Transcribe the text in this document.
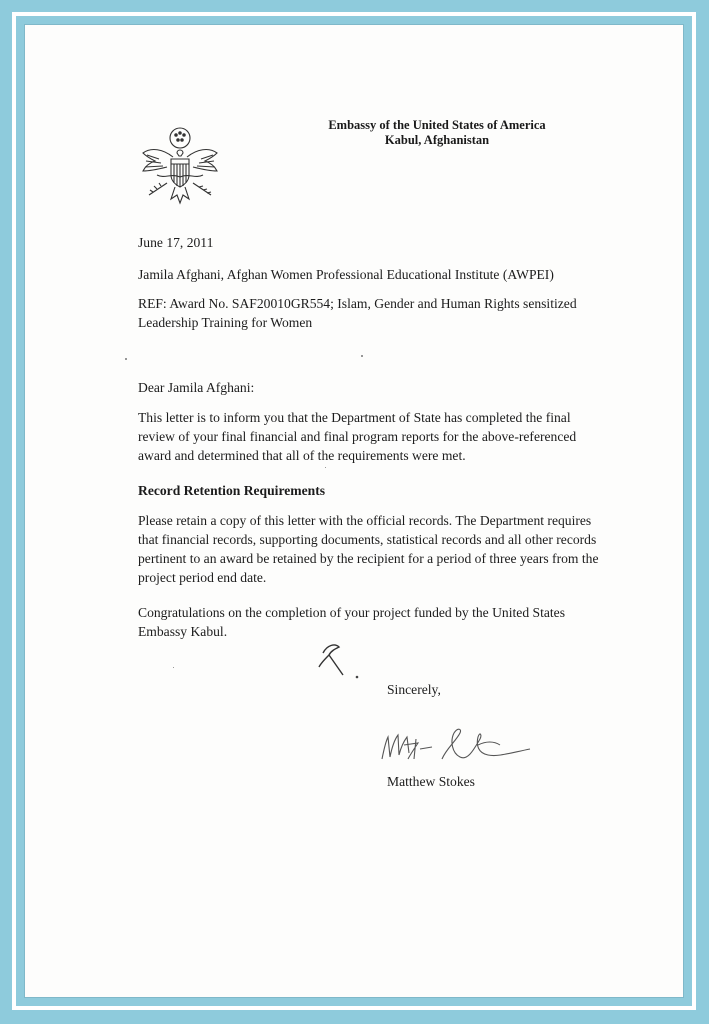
Embassy of the United States of America
Kabul, Afghanistan
June 17, 2011
Jamila Afghani, Afghan Women Professional Educational Institute (AWPEI)
REF: Award No. SAF20010GR554; Islam, Gender and Human Rights sensitized Leadership Training for Women
Dear Jamila Afghani:
This letter is to inform you that the Department of State has completed the final review of your final financial and final program reports for the above-referenced award and determined that all of the requirements were met.
Record Retention Requirements
Please retain a copy of this letter with the official records. The Department requires that financial records, supporting documents, statistical records and all other records pertinent to an award be retained by the recipient for a period of three years from the project period end date.
Congratulations on the completion of your project funded by the United States Embassy Kabul.
Sincerely,
Matthew Stokes
